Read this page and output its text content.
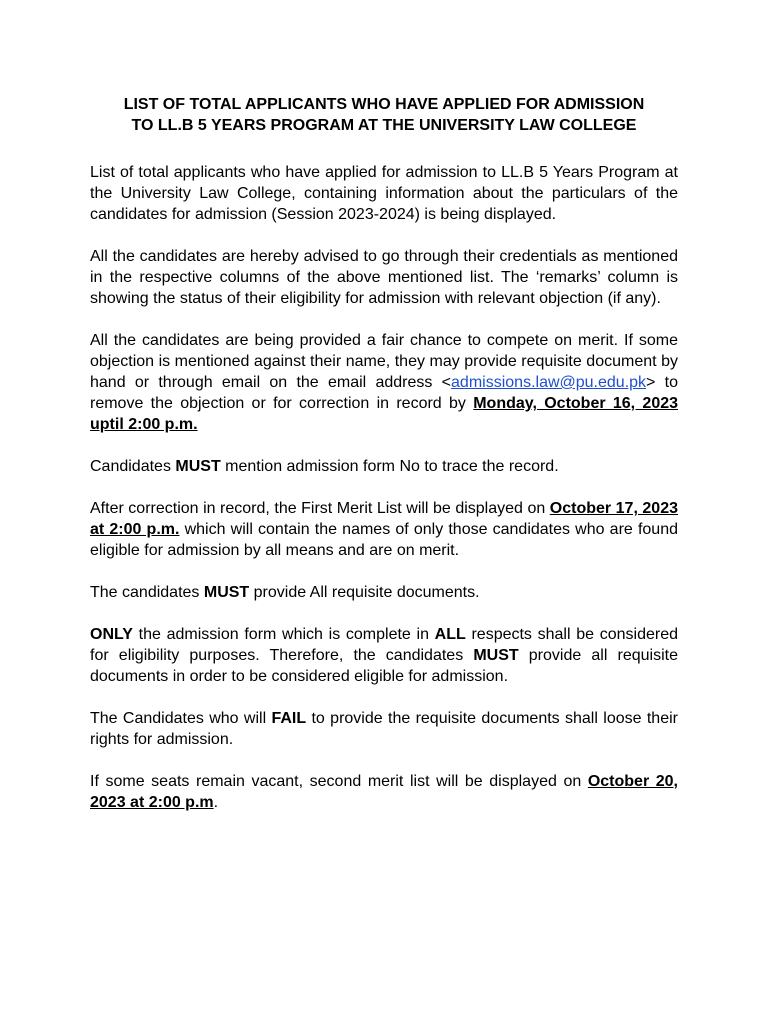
LIST OF TOTAL APPLICANTS WHO HAVE APPLIED FOR ADMISSION
TO LL.B 5 YEARS PROGRAM AT THE UNIVERSITY LAW COLLEGE

List of total applicants who have applied for admission to LL.B 5 Years Program at the University Law College, containing information about the particulars of the candidates for admission (Session 2023-2024) is being displayed.

All the candidates are hereby advised to go through their credentials as mentioned in the respective columns of the above mentioned list. The ‘remarks’ column is showing the status of their eligibility for admission with relevant objection (if any).

All the candidates are being provided a fair chance to compete on merit. If some objection is mentioned against their name, they may provide requisite document by hand or through email on the email address <admissions.law@pu.edu.pk> to remove the objection or for correction in record by Monday, October 16, 2023 uptil 2:00 p.m.

Candidates MUST mention admission form No to trace the record.

After correction in record, the First Merit List will be displayed on October 17, 2023 at 2:00 p.m. which will contain the names of only those candidates who are found eligible for admission by all means and are on merit.

The candidates MUST provide All requisite documents.

ONLY the admission form which is complete in ALL respects shall be considered for eligibility purposes. Therefore, the candidates MUST provide all requisite documents in order to be considered eligible for admission.

The Candidates who will FAIL to provide the requisite documents shall loose their rights for admission.

If some seats remain vacant, second merit list will be displayed on October 20, 2023 at 2:00 p.m.
